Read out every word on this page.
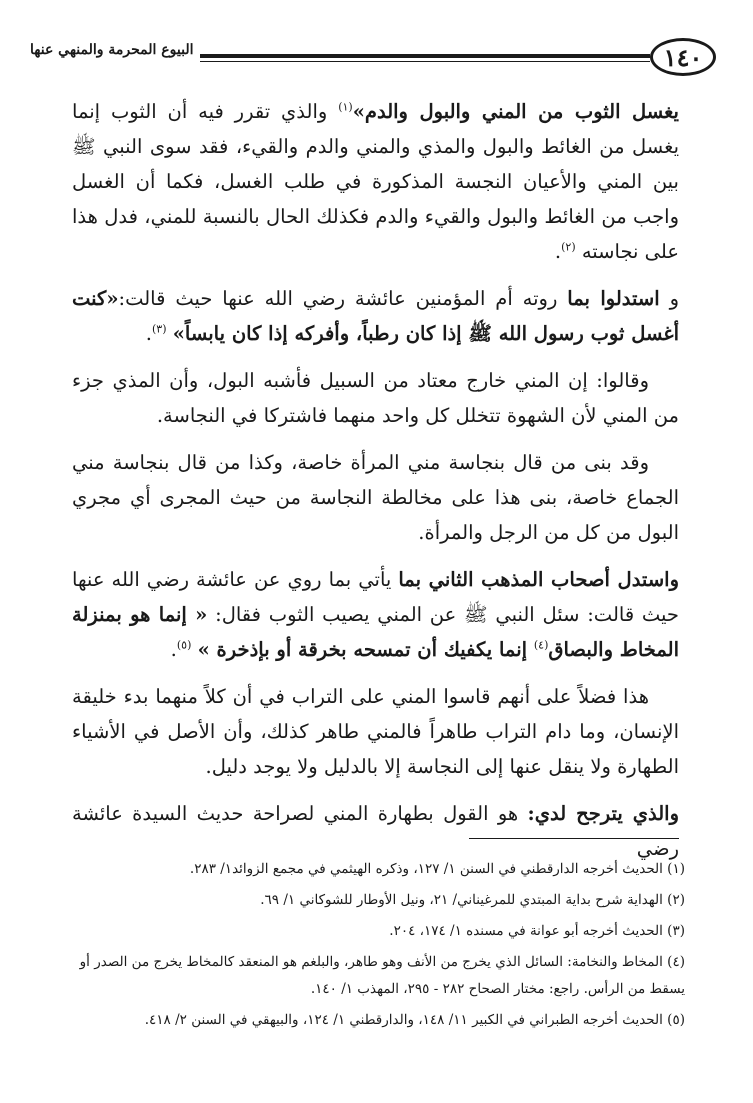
١٤٠
البيوع المحرمة والمنهي عنها

يغسل الثوب من المني والبول والدم»$^{(١)}$ والذي تقرر فيه أن الثوب إنما يغسل من الغائط والبول والمذي والمني والدم والقيء، فقد سوى النبي ﷺ بين المني والأعيان النجسة المذكورة في طلب الغسل، فكما أن الغسل واجب من الغائط والبول والقيء والدم فكذلك الحال بالنسبة للمني، فدل هذا على نجاسته $^{(٢)}$.

و استدلوا بما روته أم المؤمنين عائشة رضي الله عنها حيث قالت:«كنت أغسل ثوب رسول الله ﷺ إذا كان رطباً، وأفركه إذا كان يابساً» $^{(٣)}$.

وقالوا: إن المني خارج معتاد من السبيل فأشبه البول، وأن المذي جزء من المني لأن الشهوة تتخلل كل واحد منهما فاشتركا في النجاسة.

وقد بنى من قال بنجاسة مني المرأة خاصة، وكذا من قال بنجاسة مني الجماع خاصة، بنى هذا على مخالطة النجاسة من حيث المجرى أي مجري البول من كل من الرجل والمرأة.

واستدل أصحاب المذهب الثاني بما يأتي بما روي عن عائشة رضي الله عنها حيث قالت: سئل النبي ﷺ عن المني يصيب الثوب فقال: « إنما هو بمنزلة المخاط والبصاق$^{(٤)}$ إنما يكفيك أن تمسحه بخرقة أو بإذخرة » $^{(٥)}$.

هذا فضلاً على أنهم قاسوا المني على التراب في أن كلاً منهما بدء خليقة الإنسان، وما دام التراب طاهراً فالمني طاهر كذلك، وأن الأصل في الأشياء الطهارة ولا ينقل عنها إلى النجاسة إلا بالدليل ولا يوجد دليل.

والذي يترجح لدي: هو القول بطهارة المني لصراحة حديث السيدة عائشة رضي

(١) الحديث أخرجه الدارقطني في السنن ١/ ١٢٧، وذكره الهيثمي في مجمع الزوائد١/ ٢٨٣.
(٢) الهداية شرح بداية المبتدي للمرغيناني/ ٢١، ونيل الأوطار للشوكاني ١/ ٦٩.
(٣) الحديث أخرجه أبو عوانة في مسنده ١/ ١٧٤، ٢٠٤.
(٤) المخاط والنخامة: السائل الذي يخرج من الأنف وهو طاهر، والبلغم هو المنعقد كالمخاط يخرج من الصدر أو يسقط من الرأس. راجع: مختار الصحاح ٢٨٢ - ٢٩٥، المهذب ١/ ١٤٠.
(٥) الحديث أخرجه الطبراني في الكبير ١١/ ١٤٨، والدارقطني ١/ ١٢٤، والبيهقي في السنن ٢/ ٤١٨.
